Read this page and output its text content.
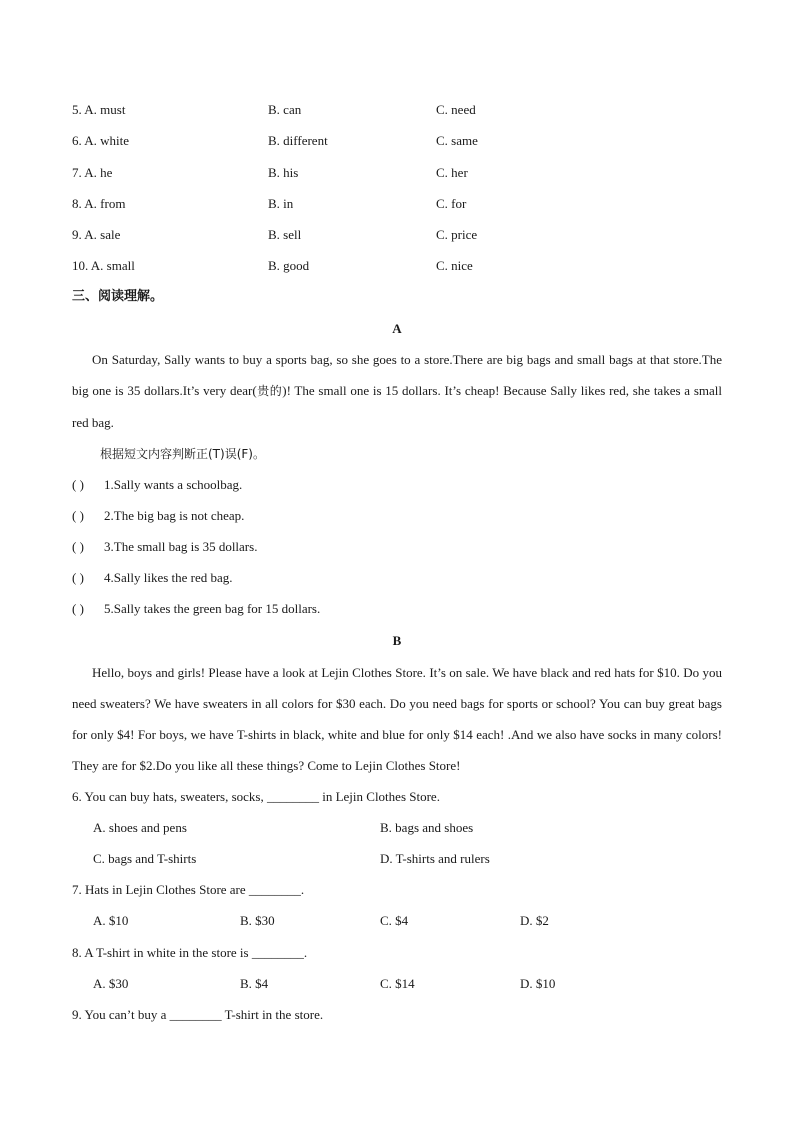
5. A. must	B. can	C. need
6. A. white	B. different	C. same
7. A. he	B. his	C. her
8. A. from	B. in	C. for
9. A. sale	B. sell	C. price
10. A. small	B. good	C. nice
三、阅读理解。
A
On Saturday, Sally wants to buy a sports bag, so she goes to a store.There are big bags and small bags at that store.The big one is 35 dollars.It’s very dear(贵的)! The small one is 15 dollars. It’s cheap! Because Sally likes red, she takes a small red bag.
根据短文内容判断正(T)误(F)。
( ) 1.Sally wants a schoolbag.
( ) 2.The big bag is not cheap.
( ) 3.The small bag is 35 dollars.
( ) 4.Sally likes the red bag.
( ) 5.Sally takes the green bag for 15 dollars.
B
Hello, boys and girls! Please have a look at Lejin Clothes Store. It’s on sale. We have black and red hats for $10. Do you need sweaters? We have sweaters in all colors for $30 each. Do you need bags for sports or school? You can buy great bags for only $4! For boys, we have T-shirts in black, white and blue for only $14 each! .And we also have socks in many colors! They are for $2.Do you like all these things? Come to Lejin Clothes Store!
6. You can buy hats, sweaters, socks, ________ in Lejin Clothes Store.
A. shoes and pens	B. bags and shoes
C. bags and T-shirts	D. T-shirts and rulers
7. Hats in Lejin Clothes Store are ________.
A. $10	B. $30	C. $4	D. $2
8. A T-shirt in white in the store is ________.
A. $30	B. $4	C. $14	D. $10
9. You can’t buy a ________ T-shirt in the store.
